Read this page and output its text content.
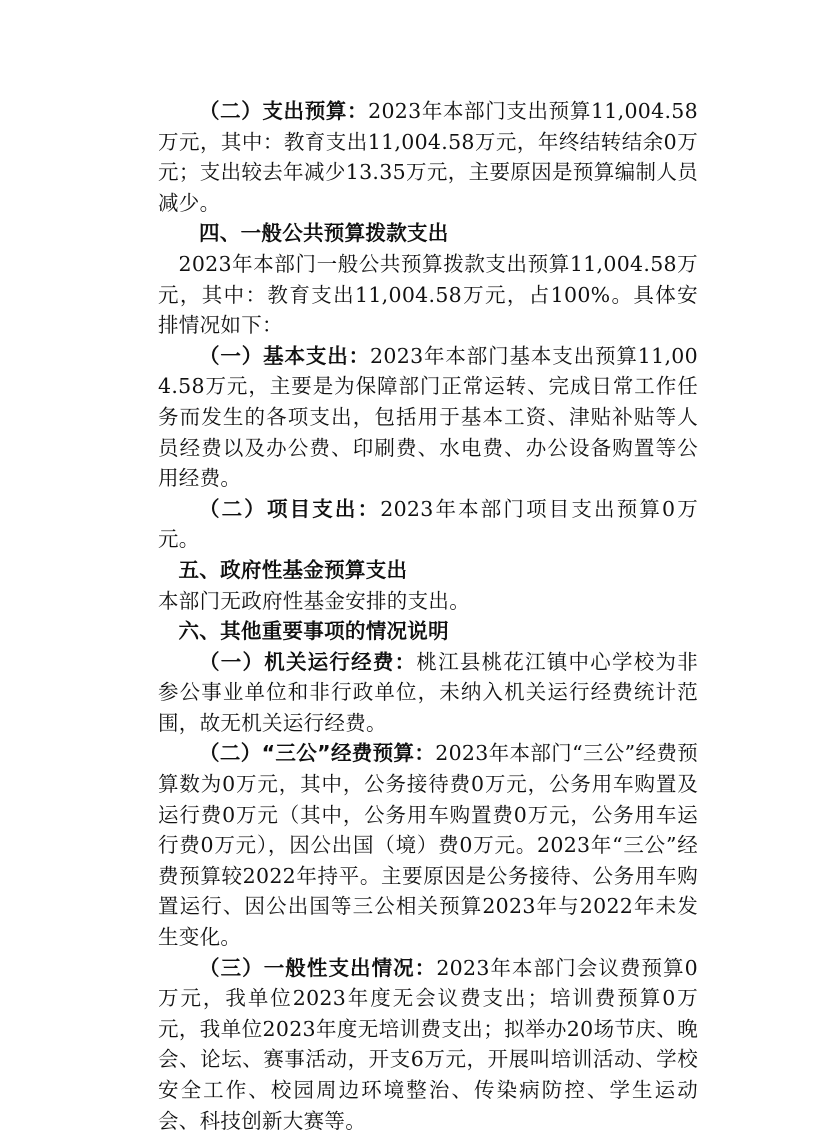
（二）支出预算：2023年本部门支出预算11,004.58万元，其中：教育支出11,004.58万元，年终结转结余0万元；支出较去年减少13.35万元，主要原因是预算编制人员减少。

四、一般公共预算拨款支出

2023年本部门一般公共预算拨款支出预算11,004.58万元，其中：教育支出11,004.58万元，占100%。具体安排情况如下：

（一）基本支出：2023年本部门基本支出预算11,004.58万元，主要是为保障部门正常运转、完成日常工作任务而发生的各项支出，包括用于基本工资、津贴补贴等人员经费以及办公费、印刷费、水电费、办公设备购置等公用经费。

（二）项目支出：2023年本部门项目支出预算0万元。

五、政府性基金预算支出

本部门无政府性基金安排的支出。

六、其他重要事项的情况说明

（一）机关运行经费：桃江县桃花江镇中心学校为非参公事业单位和非行政单位，未纳入机关运行经费统计范围，故无机关运行经费。

（二）“三公”经费预算：2023年本部门“三公”经费预算数为0万元，其中，公务接待费0万元，公务用车购置及运行费0万元（其中，公务用车购置费0万元，公务用车运行费0万元），因公出国（境）费0万元。2023年“三公”经费预算较2022年持平。主要原因是公务接待、公务用车购置运行、因公出国等三公相关预算2023年与2022年未发生变化。

（三）一般性支出情况：2023年本部门会议费预算0万元，我单位2023年度无会议费支出；培训费预算0万元，我单位2023年度无培训费支出；拟举办20场节庆、晚会、论坛、赛事活动，开支6万元，开展叫培训活动、学校安全工作、校园周边环境整治、传染病防控、学生运动会、科技创新大赛等。
